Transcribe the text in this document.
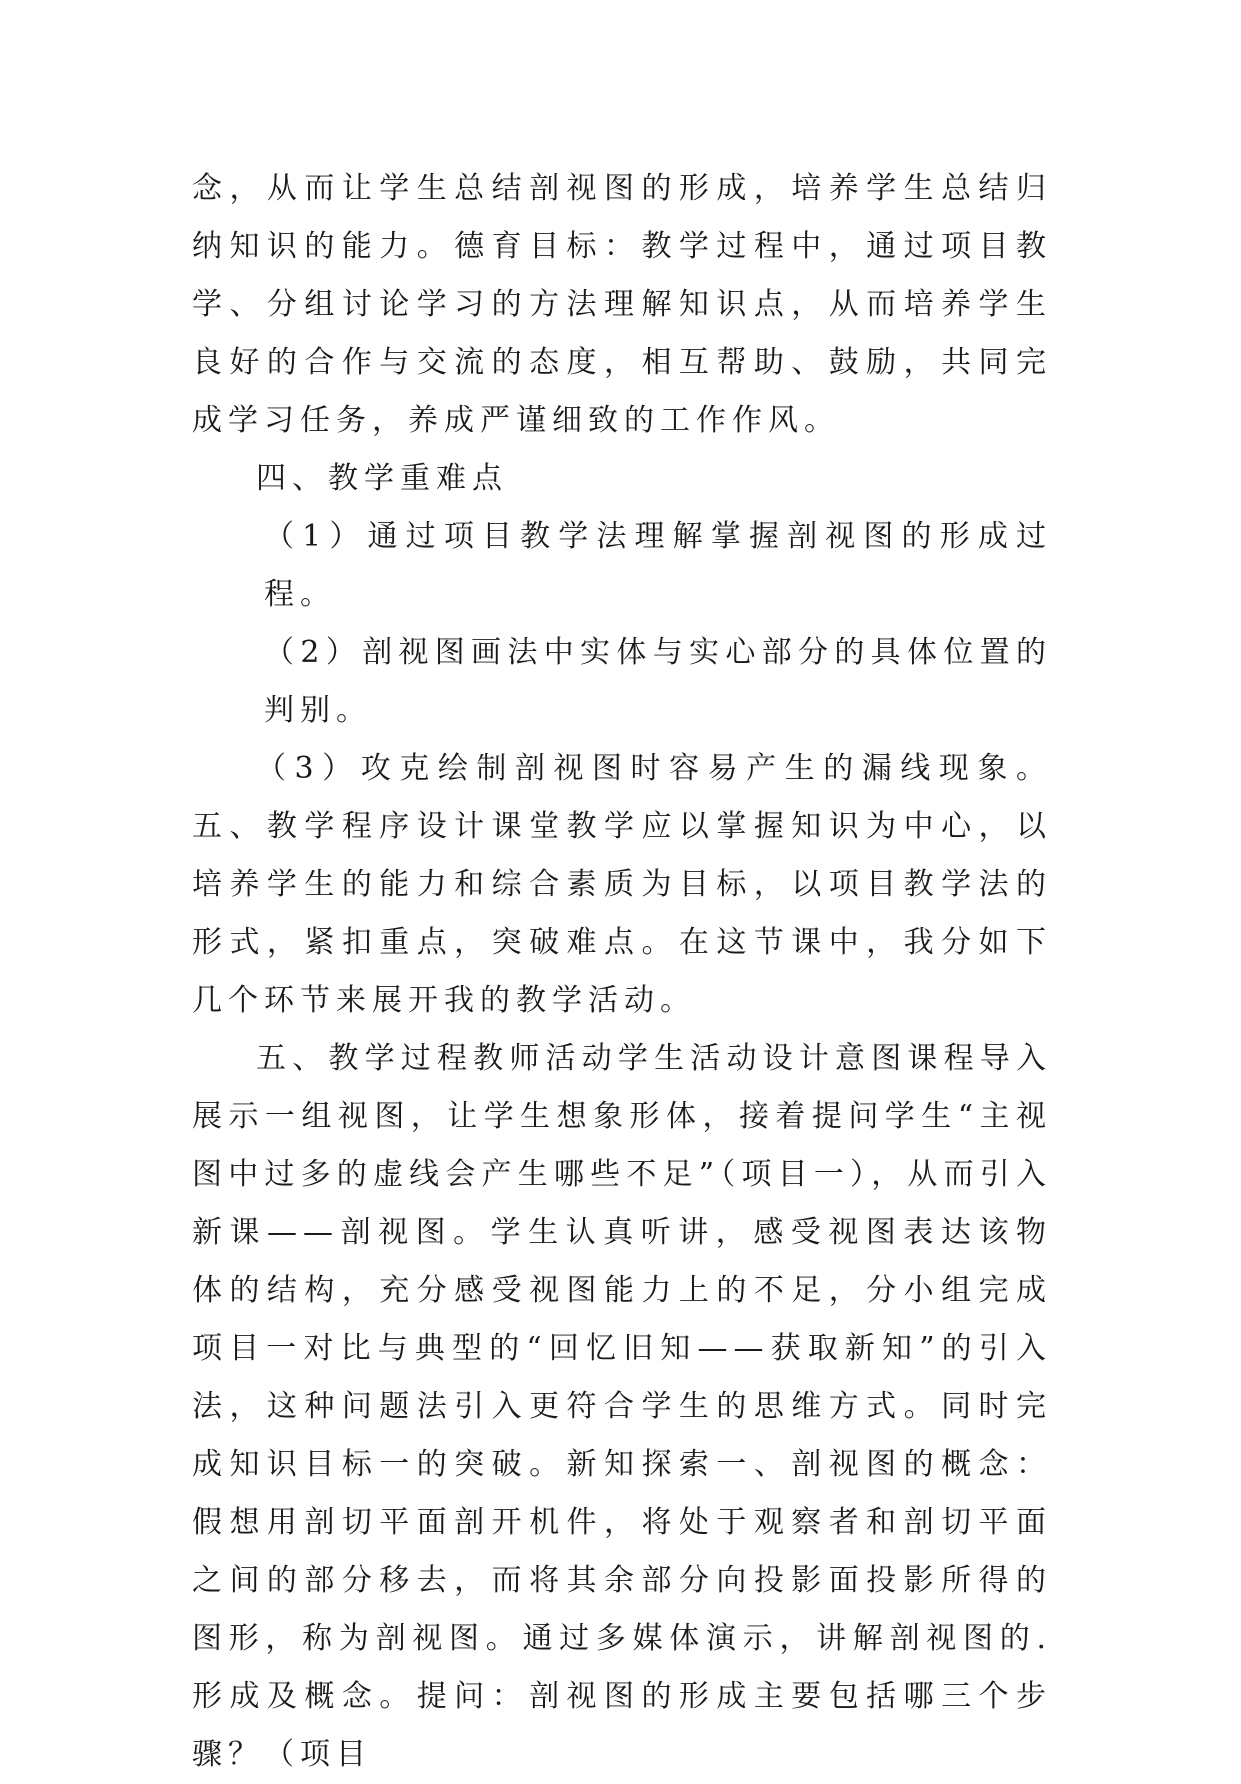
念，从而让学生总结剖视图的形成，培养学生总结归纳知识的能力。德育目标：教学过程中，通过项目教学、分组讨论学习的方法理解知识点，从而培养学生良好的合作与交流的态度，相互帮助、鼓励，共同完成学习任务，养成严谨细致的工作作风。

四、教学重难点

（1）通过项目教学法理解掌握剖视图的形成过程。

（2）剖视图画法中实体与实心部分的具体位置的判别。

（3）攻克绘制剖视图时容易产生的漏线现象。五、教学程序设计课堂教学应以掌握知识为中心，以培养学生的能力和综合素质为目标，以项目教学法的形式，紧扣重点，突破难点。在这节课中，我分如下几个环节来展开我的教学活动。

五、教学过程教师活动学生活动设计意图课程导入展示一组视图，让学生想象形体，接着提问学生“主视图中过多的虚线会产生哪些不足”（项目一），从而引入新课——剖视图。学生认真听讲，感受视图表达该物体的结构，充分感受视图能力上的不足，分小组完成项目一对比与典型的“回忆旧知——获取新知”的引入法，这种问题法引入更符合学生的思维方式。同时完成知识目标一的突破。新知探索一、剖视图的概念：假想用剖切平面剖开机件，将处于观察者和剖切平面之间的部分移去，而将其余部分向投影面投影所得的图形，称为剖视图。通过多媒体演示，讲解剖视图的.形成及概念。提问：剖视图的形成主要包括哪三个步骤？（项目
